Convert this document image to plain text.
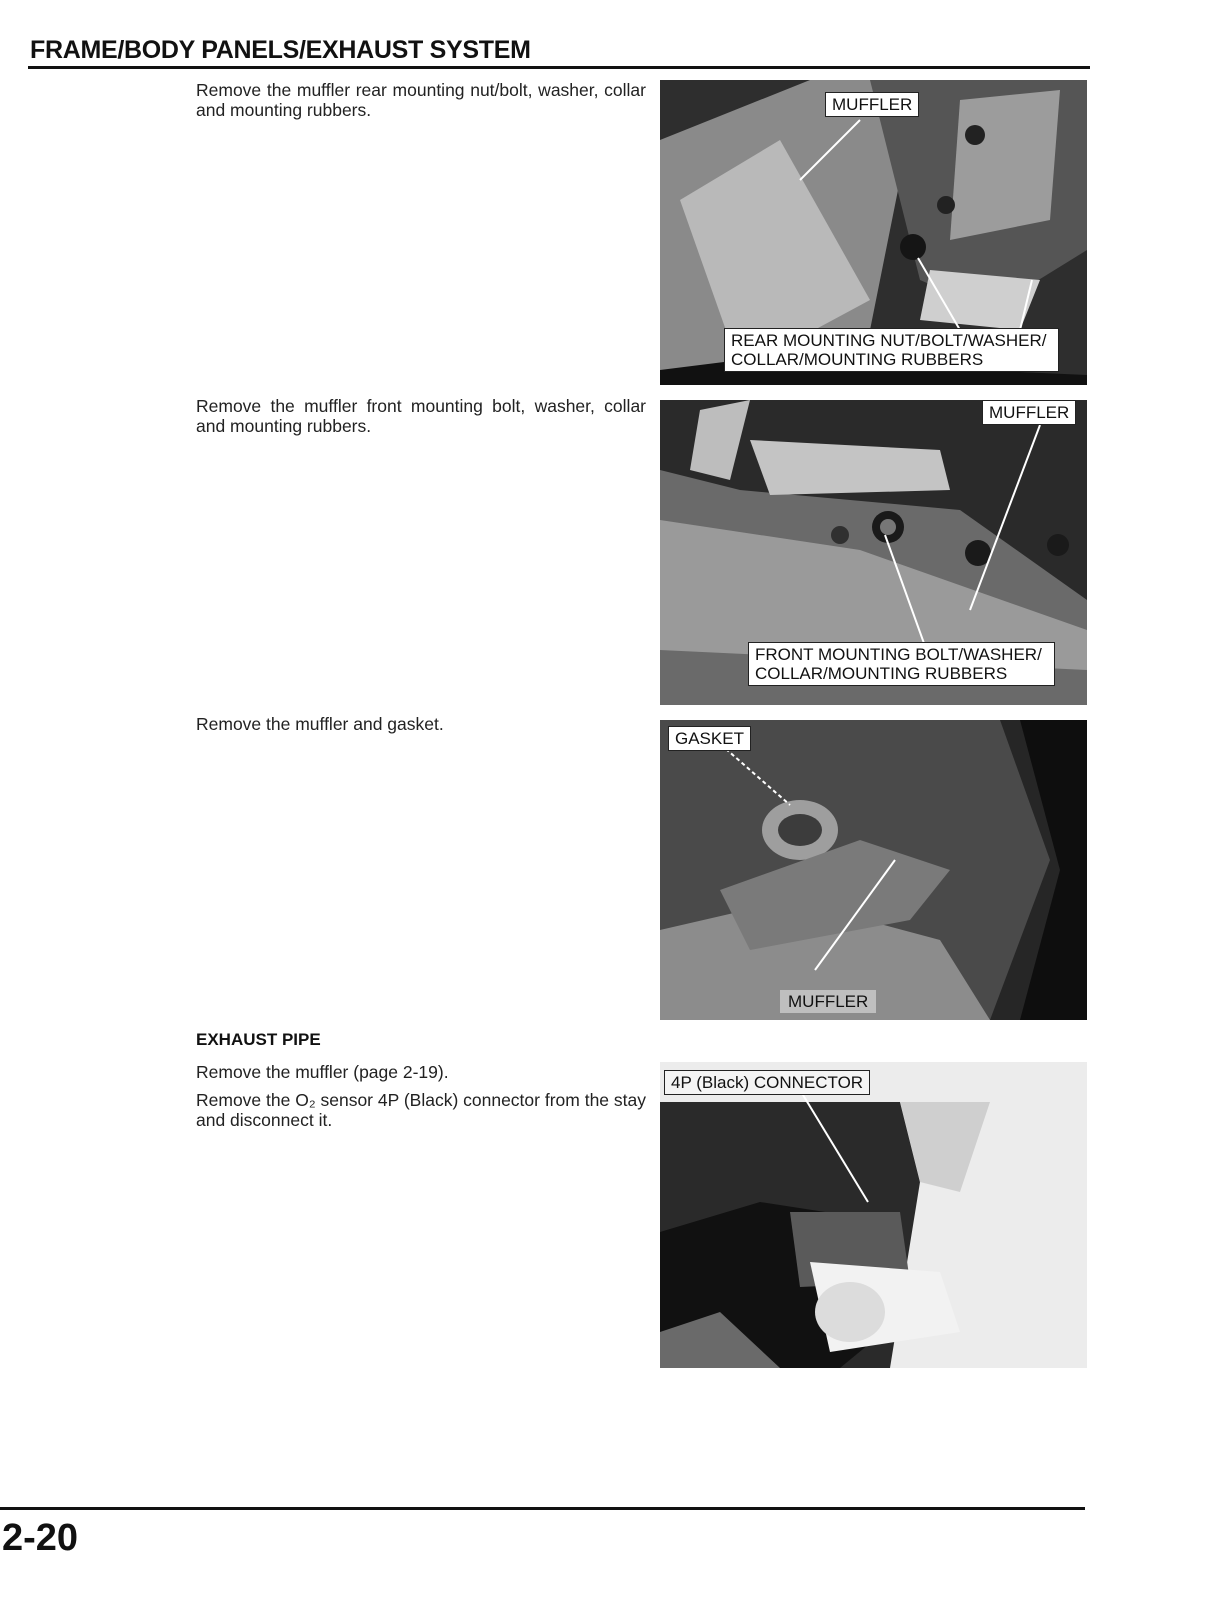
FRAME/BODY PANELS/EXHAUST SYSTEM
Remove the muffler rear mounting nut/bolt, washer, collar and mounting rubbers.	MUFFLER
REAR MOUNTING NUT/BOLT/WASHER/
COLLAR/MOUNTING RUBBERS
Remove the muffler front mounting bolt, washer, collar and mounting rubbers.
MUFFLER
FRONT MOUNTING BOLT/WASHER/
COLLAR/MOUNTING RUBBERS
Remove the muffler and gasket.
GASKET
MUFFLER
EXHAUST PIPE
Remove the muffler (page 2-19).
Remove the O₂ sensor 4P (Black) connector from the stay and disconnect it.
4P (Black) CONNECTOR
2-20
